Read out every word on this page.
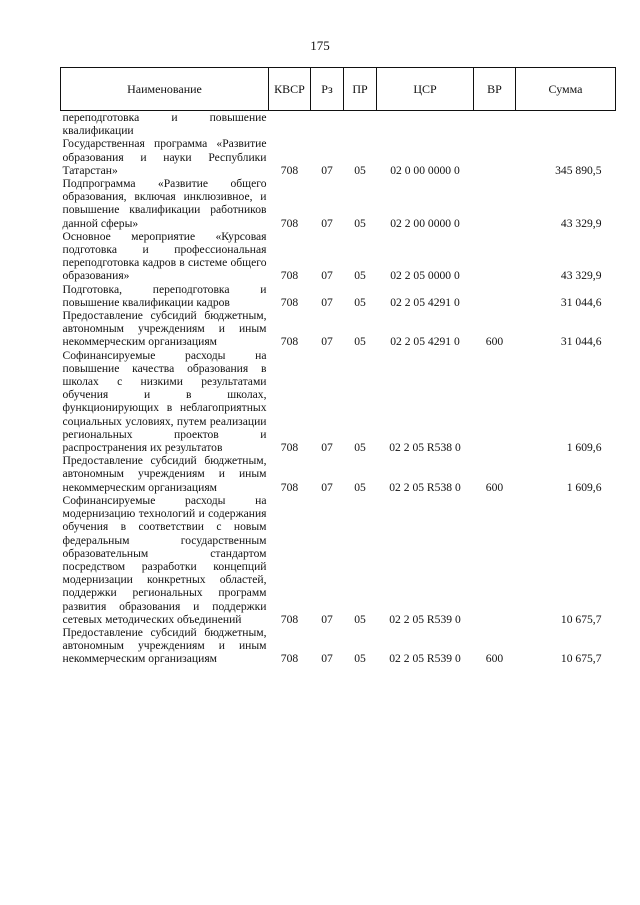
175
Наименование	КВСР	Рз	ПР	ЦСР	ВР	Сумма
переподготовка и повышение квалификации						
Государственная программа «Развитие образования и науки Республики Татарстан»	708	07	05	02 0 00 0000 0		345 890,5
Подпрограмма «Развитие общего образования, включая инклюзивное, и повышение квалификации работников данной сферы»	708	07	05	02 2 00 0000 0		43 329,9
Основное мероприятие «Курсовая подготовка и профессиональная переподготовка кадров в системе общего образования»	708	07	05	02 2 05 0000 0		43 329,9
Подготовка, переподготовка и повышение квалификации кадров	708	07	05	02 2 05 4291 0		31 044,6
Предоставление субсидий бюджетным, автономным учреждениям и иным некоммерческим организациям	708	07	05	02 2 05 4291 0	600	31 044,6
Софинансируемые расходы на повышение качества образования в школах с низкими результатами обучения и в школах, функционирующих в неблагоприятных социальных условиях, путем реализации региональных проектов и распространения их результатов	708	07	05	02 2 05 R538 0		1 609,6
Предоставление субсидий бюджетным, автономным учреждениям и иным некоммерческим организациям	708	07	05	02 2 05 R538 0	600	1 609,6
Софинансируемые расходы на модернизацию технологий и содержания обучения в соответствии с новым федеральным государственным образовательным стандартом посредством разработки концепций модернизации конкретных областей, поддержки региональных программ развития образования и поддержки сетевых методических объединений	708	07	05	02 2 05 R539 0		10 675,7
Предоставление субсидий бюджетным, автономным учреждениям и иным некоммерческим организациям	708	07	05	02 2 05 R539 0	600	10 675,7
